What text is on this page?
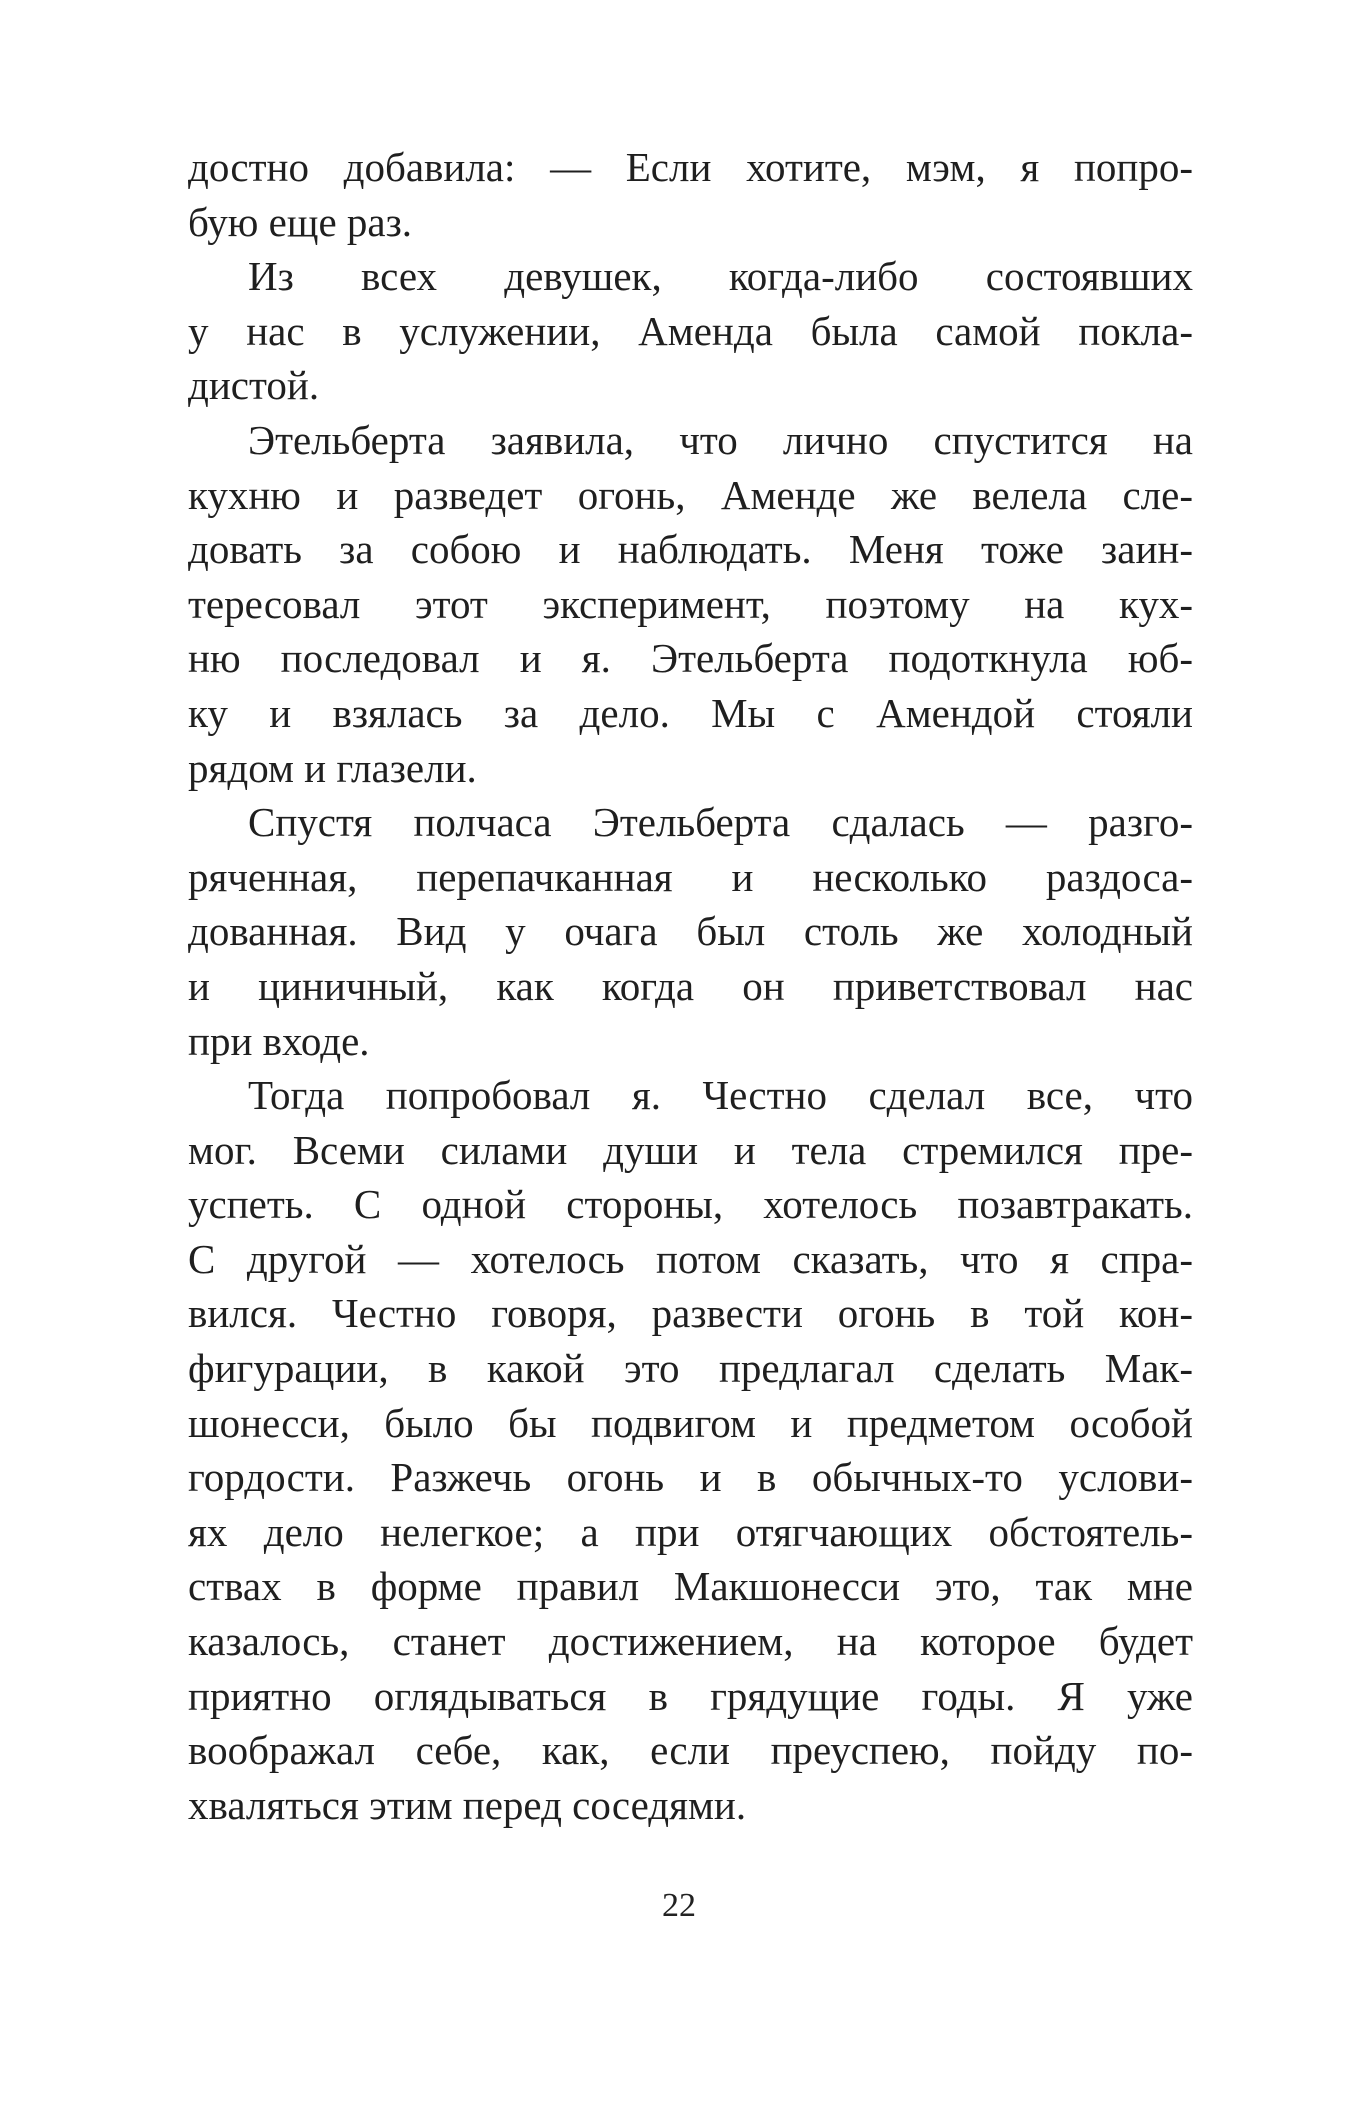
достно добавила: — Если хотите, мэм, я попро-
бую еще раз.
Из всех девушек, когда-либо состоявших
у нас в услужении, Аменда была самой покла-
дистой.
Этельберта заявила, что лично спустится на
кухню и разведет огонь, Аменде же велела сле-
довать за собою и наблюдать. Меня тоже заин-
тересовал этот эксперимент, поэтому на кух-
ню последовал и я. Этельберта подоткнула юб-
ку и взялась за дело. Мы с Амендой стояли
рядом и глазели.
Спустя полчаса Этельберта сдалась — разго-
ряченная, перепачканная и несколько раздоса-
дованная. Вид у очага был столь же холодный
и циничный, как когда он приветствовал нас
при входе.
Тогда попробовал я. Честно сделал все, что
мог. Всеми силами души и тела стремился пре-
успеть. С одной стороны, хотелось позавтракать.
С другой — хотелось потом сказать, что я спра-
вился. Честно говоря, развести огонь в той кон-
фигурации, в какой это предлагал сделать Мак-
шонесси, было бы подвигом и предметом особой
гордости. Разжечь огонь и в обычных-то услови-
ях дело нелегкое; а при отягчающих обстоятель-
ствах в форме правил Макшонесси это, так мне
казалось, станет достижением, на которое будет
приятно оглядываться в грядущие годы. Я уже
воображал себе, как, если преуспею, пойду по-
хваляться этим перед соседями.
22
